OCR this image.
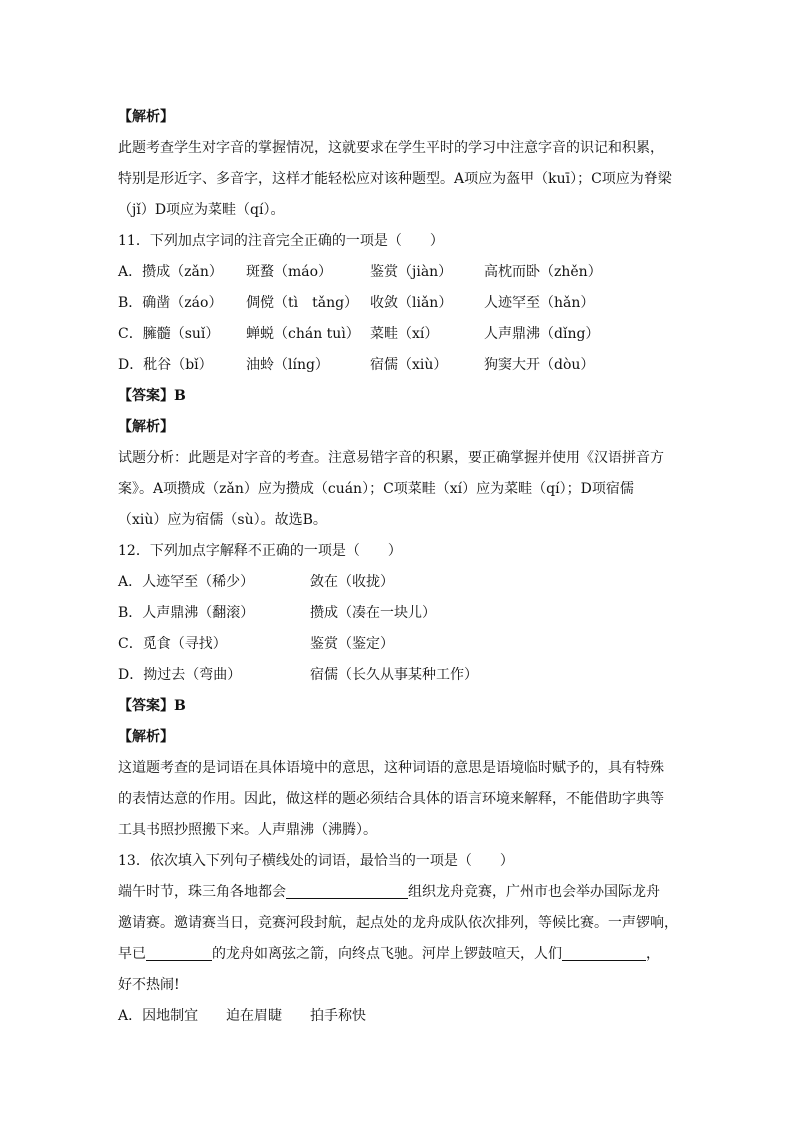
【解析】
此题考查学生对字音的掌握情况，这就要求在学生平时的学习中注意字音的识记和积累，
特别是形近字、多音字，这样才能轻松应对该种题型。A项应为盔甲（kuī）；C项应为脊梁
（jǐ）D项应为菜畦（qí）。
11．下列加点字词的注音完全正确的一项是（　　）
A．攒成（zǎn） 斑蝥（máo）	鉴赏（jiàn） 高枕而卧（zhěn）
B．确凿（záo） 倜傥（tì　tǎng） 收敛（liǎn） 人迹罕至（hǎn）
C．臃髓（suǐ） 蝉蜕（chán tuì） 菜畦（xí）	人声鼎沸（dǐng）
D．秕谷（bǐ） 油蛉（líng）	宿儒（xiù）	狗窦大开（dòu）
【答案】B
【解析】
试题分析：此题是对字音的考查。注意易错字音的积累，要正确掌握并使用《汉语拼音方
案》。A项攒成（zǎn）应为攒成（cuán）；C项菜畦（xí）应为菜畦（qí）；D项宿儒
（xiù）应为宿儒（sù）。故选B。
12．下列加点字解释不正确的一项是（　　）
A．人迹罕至（稀少）	敛在（收拢）
B．人声鼎沸（翻滚）	攒成（凑在一块儿）
C．觅食（寻找）	鉴赏（鉴定）
D．拗过去（弯曲）	宿儒（长久从事某种工作）
【答案】B
【解析】
这道题考查的是词语在具体语境中的意思，这种词语的意思是语境临时赋予的，具有特殊
的表情达意的作用。因此，做这样的题必须结合具体的语言环境来解释，不能借助字典等
工具书照抄照搬下来。人声鼎沸（沸腾）。
13．依次填入下列句子横线处的词语，最恰当的一项是（　　）
端午时节，珠三角各地都会	组织龙舟竞赛，广州市也会举办国际龙舟
邀请赛。邀请赛当日，竞赛河段封航，起点处的龙舟成队依次排列，等候比赛。一声锣响，
早已	的龙舟如离弦之箭，向终点飞驰。河岸上锣鼓喧天，人们	，
好不热闹!
A．因地制宜 迫在眉睫 拍手称快
